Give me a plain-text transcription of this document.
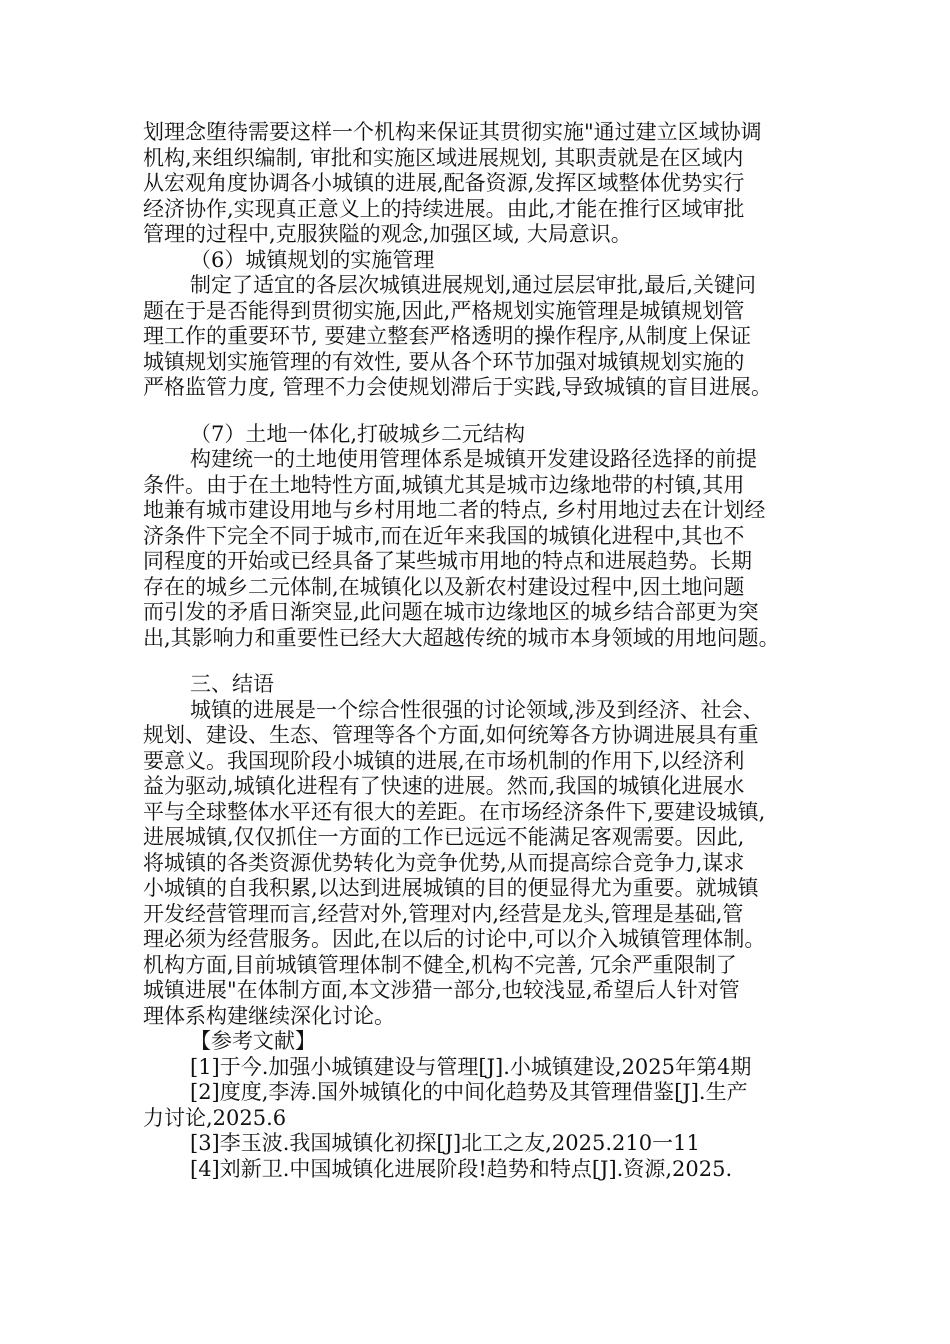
划理念堕待需要这样一个机构来保证其贯彻实施"通过建立区域协调
机构,来组织编制, 审批和实施区域进展规划, 其职责就是在区域内
从宏观角度协调各小城镇的进展,配备资源,发挥区域整体优势实行
经济协作,实现真正意义上的持续进展。由此,才能在推行区域审批
管理的过程中,克服狭隘的观念,加强区域, 大局意识。
（6）城镇规划的实施管理
制定了适宜的各层次城镇进展规划,通过层层审批,最后,关键问
题在于是否能得到贯彻实施,因此,严格规划实施管理是城镇规划管
理工作的重要环节, 要建立整套严格透明的操作程序,从制度上保证
城镇规划实施管理的有效性, 要从各个环节加强对城镇规划实施的
严格监管力度, 管理不力会使规划滞后于实践,导致城镇的盲目进展。
（7）土地一体化,打破城乡二元结构
构建统一的土地使用管理体系是城镇开发建设路径选择的前提
条件。由于在土地特性方面,城镇尤其是城市边缘地带的村镇,其用
地兼有城市建设用地与乡村用地二者的特点, 乡村用地过去在计划经
济条件下完全不同于城市,而在近年来我国的城镇化进程中,其也不
同程度的开始或已经具备了某些城市用地的特点和进展趋势。长期
存在的城乡二元体制,在城镇化以及新农村建设过程中,因土地问题
而引发的矛盾日渐突显,此问题在城市边缘地区的城乡结合部更为突
出,其影响力和重要性已经大大超越传统的城市本身领域的用地问题。
三、结语
城镇的进展是一个综合性很强的讨论领域,涉及到经济、社会、
规划、建设、生态、管理等各个方面,如何统筹各方协调进展具有重
要意义。我国现阶段小城镇的进展,在市场机制的作用下,以经济利
益为驱动,城镇化进程有了快速的进展。然而,我国的城镇化进展水
平与全球整体水平还有很大的差距。在市场经济条件下,要建设城镇,
进展城镇,仅仅抓住一方面的工作已远远不能满足客观需要。因此,
将城镇的各类资源优势转化为竞争优势,从而提高综合竞争力,谋求
小城镇的自我积累,以达到进展城镇的目的便显得尤为重要。就城镇
开发经营管理而言,经营对外,管理对内,经营是龙头,管理是基础,管
理必须为经营服务。因此,在以后的讨论中,可以介入城镇管理体制。
机构方面,目前城镇管理体制不健全,机构不完善, 冗余严重限制了
城镇进展"在体制方面,本文涉猎一部分,也较浅显,希望后人针对管
理体系构建继续深化讨论。
【参考文献】
[1]于今.加强小城镇建设与管理[J].小城镇建设,2025年第4期
[2]度度,李涛.国外城镇化的中间化趋势及其管理借鉴[J].生产
力讨论,2025.6
[3]李玉波.我国城镇化初探[J]北工之友,2025.210一11
[4]刘新卫.中国城镇化进展阶段!趋势和特点[J].资源,2025.
